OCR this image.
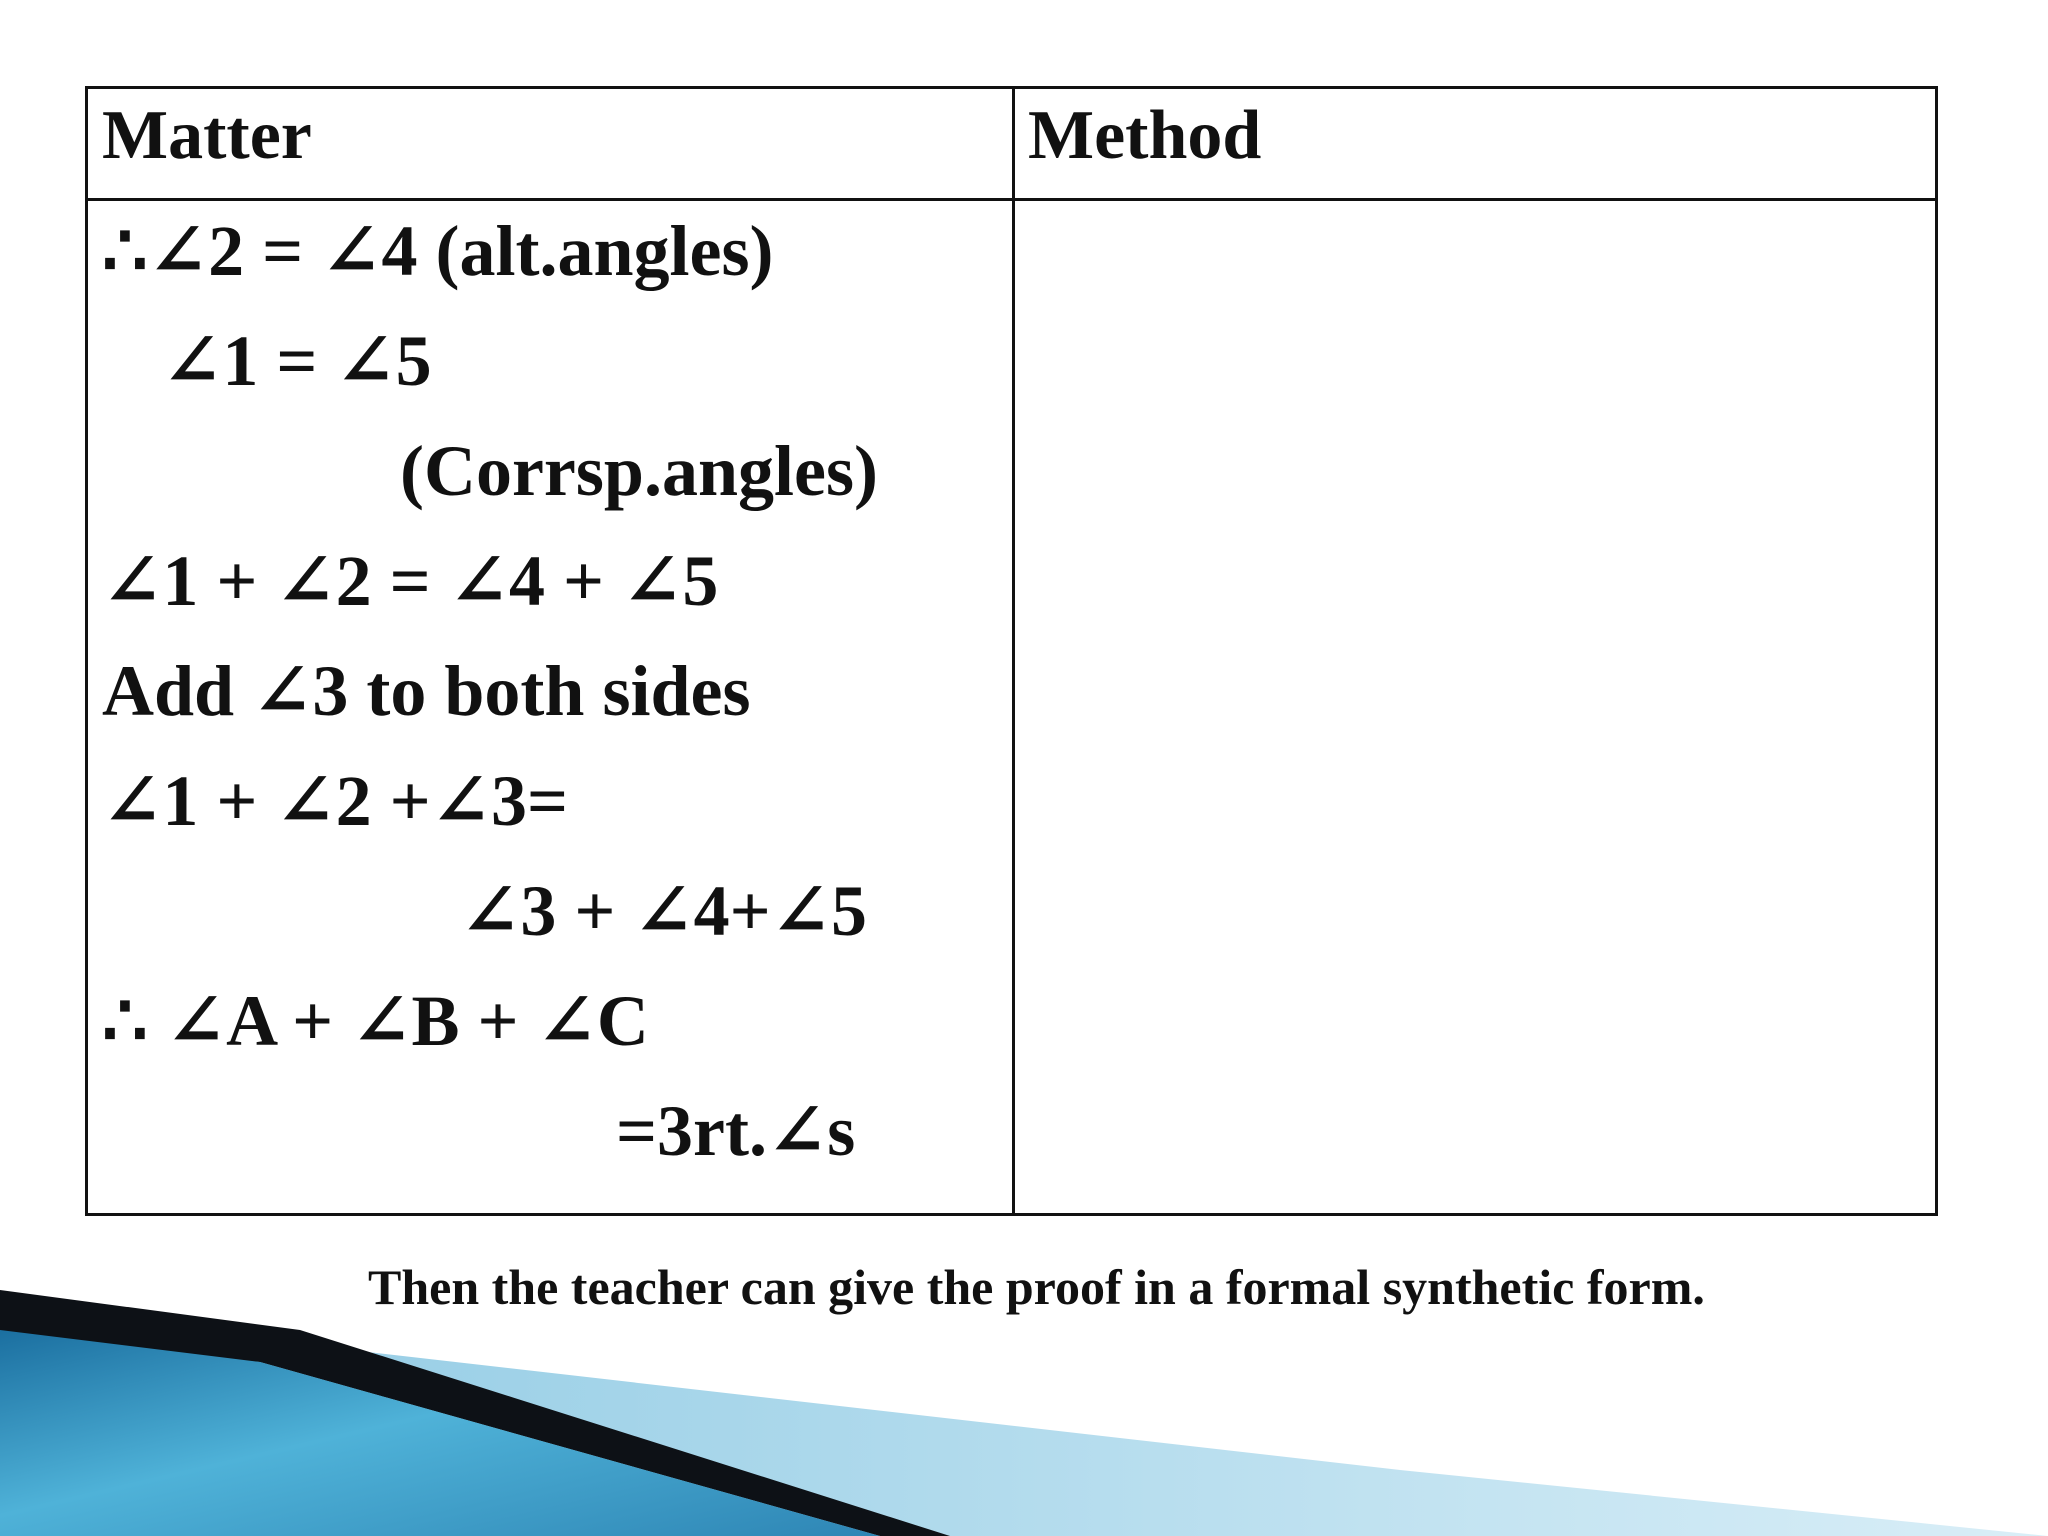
Matter	Method
∴∠2 = ∠4 (alt.angles)
∠1 = ∠5
(Corrsp.angles)
∠1 + ∠2 = ∠4 + ∠5
Add ∠3 to both sides
∠1 + ∠2 +∠3=
∠3 + ∠4+∠5
∴ ∠A + ∠B + ∠C
=3rt.∠s
Then the teacher can give the proof in a formal synthetic form.
